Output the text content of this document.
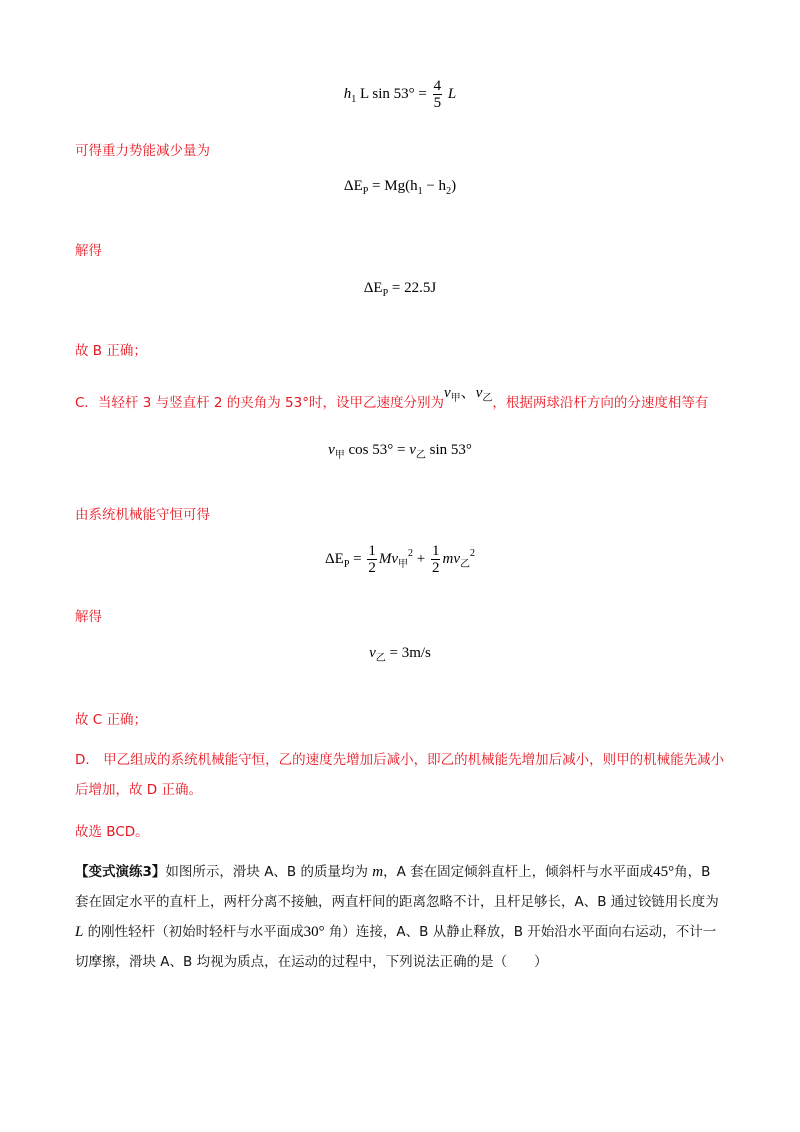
$h_1$ L $\sin 53^\circ = \frac{4}{5}$ L
可得重力势能减少量为
$\Delta E_P = Mg(h_1 - h_2)$
解得
$\Delta E_P = 22.5J$
故 B 正确；
C．当轻杆 3 与竖直杆 2 的夹角为 53°时，设甲乙速度分别为$v_甲$、$v_乙$，根据两球沿杆方向的分速度相等有
$v_甲$ $\cos 53^\circ = v_乙$ sin 53°
由系统机械能守恒可得
$\Delta E_P = \frac{1}{2} Mv_甲^2 + \frac{1}{2} mv_乙^2$
解得
$v_乙 = 3m/s$
故 C 正确；
D.　甲乙组成的系统机械能守恒，乙的速度先增加后减小，即乙的机械能先增加后减小，则甲的机械能先减小后增加，故 D 正确。
故选 BCD。
【变式演练3】如图所示，滑块 A、B 的质量均为 m，A 套在固定倾斜直杆上，倾斜杆与水平面成45°角，B 套在固定水平的直杆上，两杆分离不接触，两直杆间的距离忽略不计，且杆足够长，A、B 通过铰链用长度为 L 的刚性轻杆（初始时轻杆与水平面成30° 角）连接，A、B 从静止释放，B 开始沿水平面向右运动，不计一切摩擦，滑块 A、B 均视为质点，在运动的过程中，下列说法正确的是（　　）
